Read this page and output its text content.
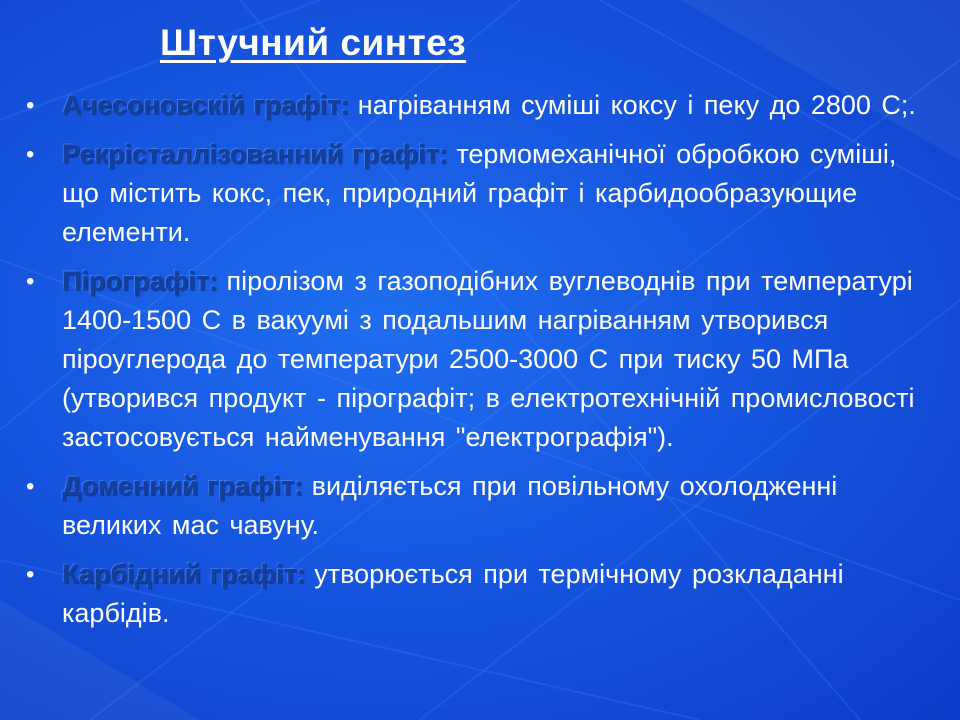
Штучний синтез
• Ачесоновскій графіт: нагріванням суміші коксу і пеку до 2800 С;.
• Рекрісталлізованний графіт: термомеханічної обробкою суміші, що містить кокс, пек, природний графіт і карбидообразующие елементи.
• Пірографіт: піролізом з газоподібних вуглеводнів при температурі 1400-1500 С в вакуумі з подальшим нагріванням утворився піроуглерода до температури 2500-3000 С при тиску 50 МПа (утворився продукт - пірографіт; в електротехнічній промисловості застосовується найменування "електрографія").
• Доменний графіт: виділяється при повільному охолодженні великих мас чавуну.
• Карбідний графіт: утворюється при термічному розкладанні карбідів.
